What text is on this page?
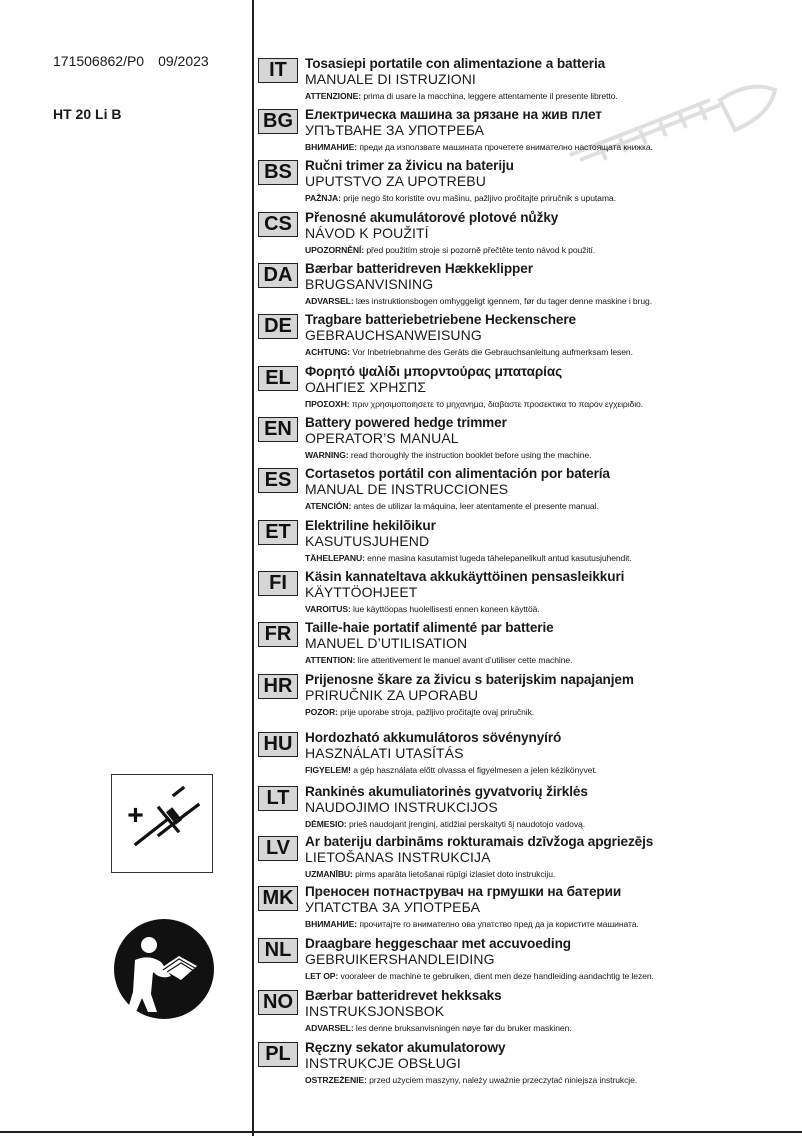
171506862/P0 09/2023
HT 20 Li B
IT	Tosasiepi portatile con alimentazione a batteria
MANUALE DI ISTRUZIONI
ATTENZIONE: prima di usare la macchina, leggere attentamente il presente libretto.
BG Електрическа машина за рязане на жив плет
УПЪТВАНЕ ЗА УПОТРЕБА
ВНИМАНИЕ: преди да използвате машината прочетете внимателно настоящата книжка.
BS Ručni trimer za živicu na bateriju
UPUTSTVO ZA UPOTREBU
PAŽNJA: prije nego što koristite ovu mašinu, pažljivo pročitajte priručnik s uputama.
CS Přenosné akumulátorové plotové nůžky
NÁVOD K POUŽITÍ
UPOZORNĚNÍ: před použitím stroje si pozorně přečtěte tento návod k použití.
DA Bærbar batteridreven Hækkeklipper
BRUGSANVISNING
ADVARSEL: læs instruktionsbogen omhyggeligt igennem, før du tager denne maskine i brug.
DE Tragbare batteriebetriebene Heckenschere
GEBRAUCHSANWEISUNG
ACHTUNG: Vor Inbetriebnahme des Geräts die Gebrauchsanleitung aufmerksam lesen.
EL	Φορητό ψαλίδι μπορντούρας μπαταρίας
ΟΔΗΓΙΕΣ ΧΡΗΣΠΣ
ΠΡΟΣΟΧΗ: πριν χρησιμοποιησετε το μηχανημα, διαβαστε προσεκτικα το παρον εγχειριδιο.
EN Battery powered hedge trimmer
OPERATOR’S MANUAL
WARNING: read thoroughly the instruction booklet before using the machine.
ES	Cortasetos portátil con alimentación por batería
MANUAL DE INSTRUCCIONES
ATENCIÓN: antes de utilizar la máquina, leer atentamente el presente manual.
ET	Elektriline hekilõikur
KASUTUSJUHEND
TÄHELEPANU: enne masina kasutamist lugeda tähelepanelikult antud kasutusjuhendit.
FI	Käsin kannateltava akkukäyttöinen pensasleikkuri
KÄYTTÖOHJEET
VAROITUS: lue käyttöopas huolellisesti ennen koneen käyttöä.
FR	Taille-haie portatif alimenté par batterie
MANUEL D’UTILISATION
ATTENTION: lire attentivement le manuel avant d’utiliser cette machine.
HR Prijenosne škare za živicu s baterijskim napajanjem
PRIRUČNIK ZA UPORABU
POZOR: prije uporabe stroja, pažljivo pročitajte ovaj priručnik.
HU Hordozható akkumulátoros sövénynyíró
HASZNÁLATI UTASÍTÁS
FIGYELEM! a gép használata előtt olvassa el figyelmesen a jelen kézikönyvet.
LT	Rankinės akumuliatorinės gyvatvorių žirklės
NAUDOJIMO INSTRUKCIJOS
DĖMESIO: prieš naudojant įrenginį, atidžiai perskaityti šį naudotojo vadovą.
LV	Ar bateriju darbināms rokturamais dzīvžoga apgriezējs
LIETOŠANAS INSTRUKCIJA
UZMANĪBU: pirms aparāta lietošanai rūpīgi izlasiet doto instrukciju.
MK Преносен потнаструвач на грмушки на батерии
УПАТСТВА ЗА УПОТРЕБА
ВНИМАНИЕ: прочитајте го внимателно ова упатство пред да ја користите машината.
NL	Draagbare heggeschaar met accuvoeding
GEBRUIKERSHANDLEIDING
LET OP: vooraleer de machine te gebruiken, dient men deze handleiding aandachtig te lezen.
NO Bærbar batteridrevet hekksaks
INSTRUKSJONSBOK
ADVARSEL: les denne bruksanvisningen nøye før du bruker maskinen.
PL	Ręczny sekator akumulatorowy
INSTRUKCJE OBSŁUGI
OSTRZEŻENIE: przed użyciem maszyny, należy uważnie przeczytać niniejsza instrukcje.
